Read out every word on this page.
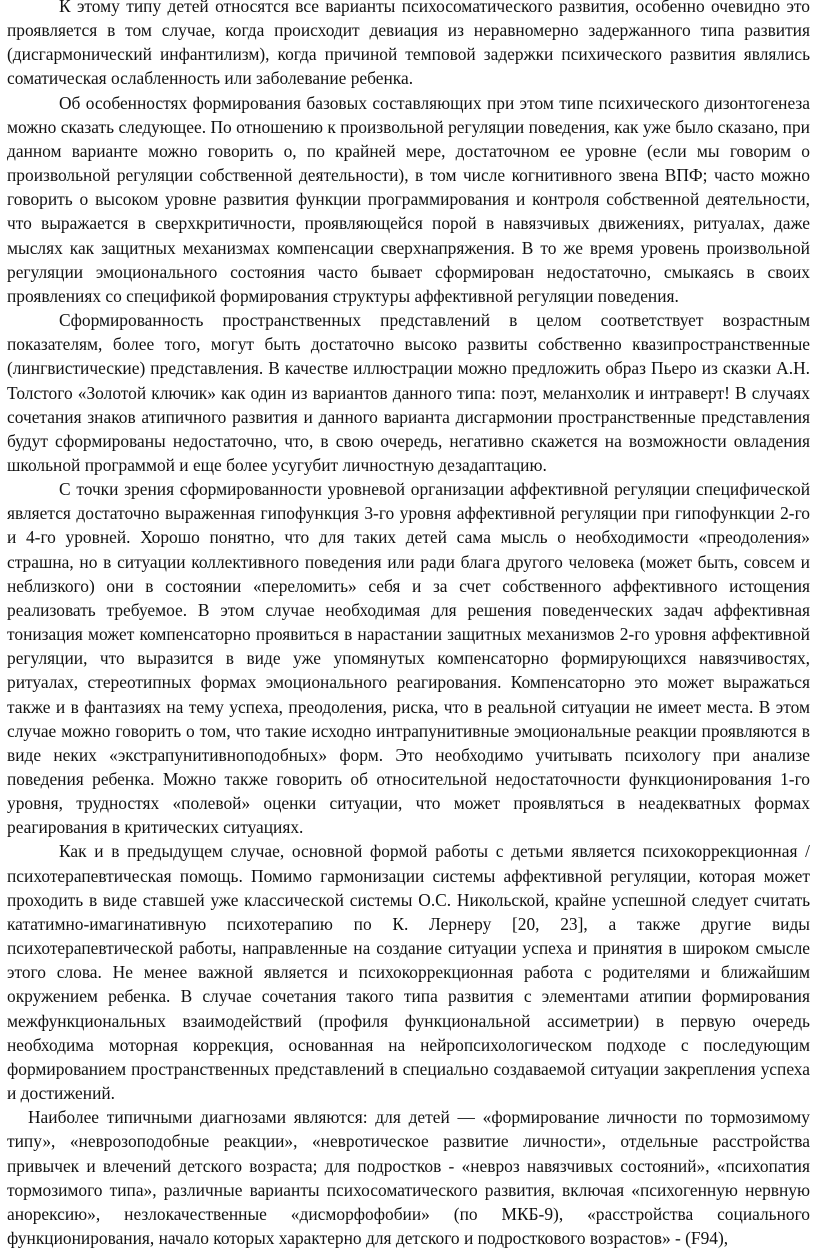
К этому типу детей относятся все варианты психосоматического развития, особенно очевидно это проявляется в том случае, когда происходит девиация из неравномерно задержанного типа развития (дисгармонический инфантилизм), когда причиной темповой задержки психического развития являлись соматическая ослабленность или заболевание ребенка.

Об особенностях формирования базовых составляющих при этом типе психического дизонтогенеза можно сказать следующее. По отношению к произвольной регуляции поведения, как уже было сказано, при данном варианте можно говорить о, по крайней мере, достаточном ее уровне (если мы говорим о произвольной регуляции собственной деятельности), в том числе когнитивного звена ВПФ; часто можно говорить о высоком уровне развития функции программирования и контроля собственной деятельности, что выражается в сверхкритичности, проявляющейся порой в навязчивых движениях, ритуалах, даже мыслях как защитных механизмах компенсации сверхнапряжения. В то же время уровень произвольной регуляции эмоционального состояния часто бывает сформирован недостаточно, смыкаясь в своих проявлениях со спецификой формирования структуры аффективной регуляции поведения.

Сформированность пространственных представлений в целом соответствует возрастным показателям, более того, могут быть достаточно высоко развиты собственно квазипространственные (лингвистические) представления. В качестве иллюстрации можно предложить образ Пьеро из сказки А.Н. Толстого «Золотой ключик» как один из вариантов данного типа: поэт, меланхолик и интраверт! В случаях сочетания знаков атипичного развития и данного варианта дисгармонии пространственные представления будут сформированы недостаточно, что, в свою очередь, негативно скажется на возможности овладения школьной программой и еще более усугубит личностную дезадаптацию.

С точки зрения сформированности уровневой организации аффективной регуляции специфической является достаточно выраженная гипофункция 3-го уровня аффективной регуляции при гипофункции 2-го и 4-го уровней. Хорошо понятно, что для таких детей сама мысль о необходимости «преодоления» страшна, но в ситуации коллективного поведения или ради блага другого человека (может быть, совсем и неблизкого) они в состоянии «переломить» себя и за счет собственного аффективного истощения реализовать требуемое. В этом случае необходимая для решения поведенческих задач аффективная тонизация может компенсаторно проявиться в нарастании защитных механизмов 2-го уровня аффективной регуляции, что выразится в виде уже упомянутых компенсаторно формирующихся навязчивостях, ритуалах, стереотипных формах эмоционального реагирования. Компенсаторно это может выражаться также и в фантазиях на тему успеха, преодоления, риска, что в реальной ситуации не имеет места. В этом случае можно говорить о том, что такие исходно интрапунитивные эмоциональные реакции проявляются в виде неких «экстрапунитивноподобных» форм. Это необходимо учитывать психологу при анализе поведения ребенка. Можно также говорить об относительной недостаточности функционирования 1-го уровня, трудностях «полевой» оценки ситуации, что может проявляться в неадекватных формах реагирования в критических ситуациях.

Как и в предыдущем случае, основной формой работы с детьми является психокоррекционная / психотерапевтическая помощь. Помимо гармонизации системы аффективной регуляции, которая может проходить в виде ставшей уже классической системы О.С. Никольской, крайне успешной следует считать кататимно-имагинативную психотерапию по К. Лернеру [20, 23], а также другие виды психотерапевтической работы, направленные на создание ситуации успеха и принятия в широком смысле этого слова. Не менее важной является и психокоррекционная работа с родителями и ближайшим окружением ребенка. В случае сочетания такого типа развития с элементами атипии формирования межфункциональных взаимодействий (профиля функциональной ассиметрии) в первую очередь необходима моторная коррекция, основанная на нейропсихологическом подходе с последующим формированием пространственных представлений в специально создаваемой ситуации закрепления успеха и достижений.

Наиболее типичными диагнозами являются: для детей — «формирование личности по тормозимому типу», «неврозоподобные реакции», «невротическое развитие личности», отдельные расстройства привычек и влечений детского возраста; для подростков - «невроз навязчивых состояний», «психопатия тормозимого типа», различные варианты психосоматического развития, включая «психогенную нервную анорексию», незлокачественные «дисморфофобии» (по МКБ-9), «расстройства социального функционирования, начало которых характерно для детского и подросткового возрастов» - (F94),
